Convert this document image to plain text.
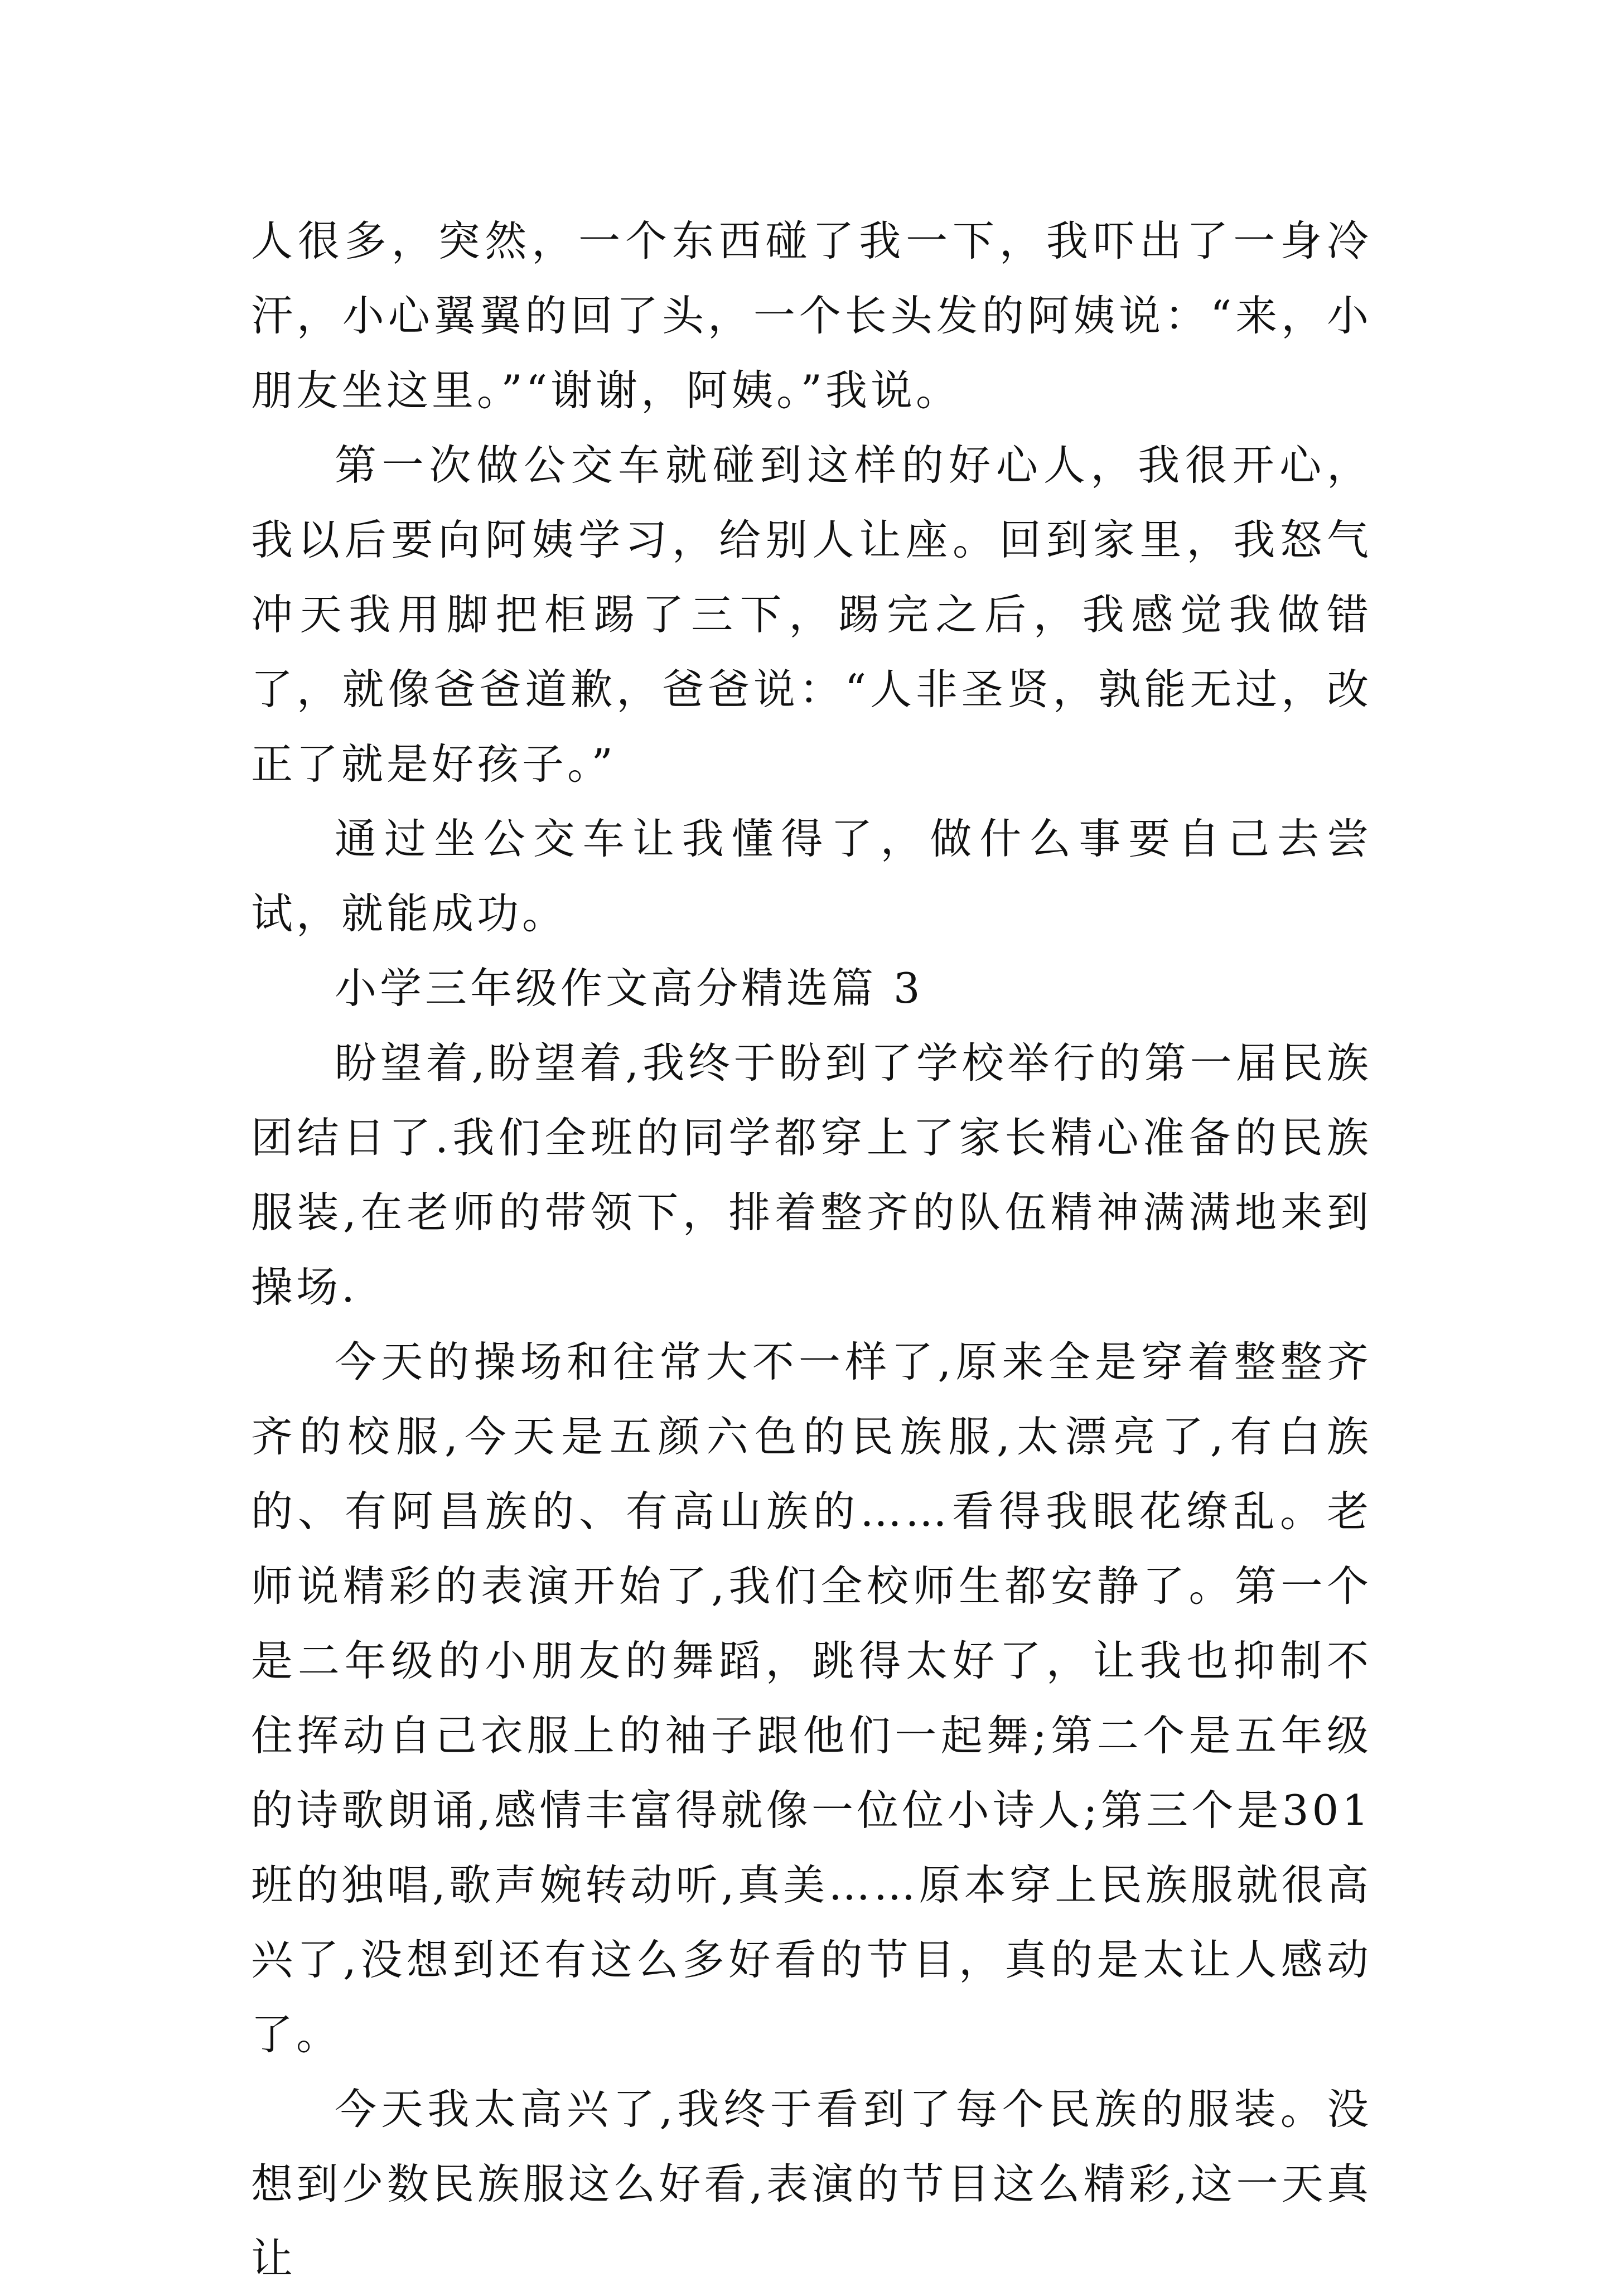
人很多，突然，一个东西碰了我一下，我吓出了一身冷汗，小心翼翼的回了头，一个长头发的阿姨说：“来，小朋友坐这里。”“谢谢，阿姨。”我说。

第一次做公交车就碰到这样的好心人，我很开心，我以后要向阿姨学习，给别人让座。回到家里，我怒气冲天我用脚把柜踢了三下，踢完之后，我感觉我做错了，就像爸爸道歉，爸爸说：“人非圣贤，孰能无过，改正了就是好孩子。”

通过坐公交车让我懂得了，做什么事要自己去尝试，就能成功。

小学三年级作文高分精选篇 3

盼望着,盼望着,我终于盼到了学校举行的第一届民族团结日了.我们全班的同学都穿上了家长精心准备的民族服装,在老师的带领下，排着整齐的队伍精神满满地来到操场.

今天的操场和往常大不一样了,原来全是穿着整整齐齐的校服,今天是五颜六色的民族服,太漂亮了,有白族的、有阿昌族的、有高山族的……看得我眼花缭乱。老师说精彩的表演开始了,我们全校师生都安静了。第一个是二年级的小朋友的舞蹈，跳得太好了，让我也抑制不住挥动自己衣服上的袖子跟他们一起舞;第二个是五年级的诗歌朗诵,感情丰富得就像一位位小诗人;第三个是301班的独唱,歌声婉转动听,真美……原本穿上民族服就很高兴了,没想到还有这么多好看的节目，真的是太让人感动了。

今天我太高兴了,我终于看到了每个民族的服装。没想到少数民族服这么好看,表演的节目这么精彩,这一天真让
